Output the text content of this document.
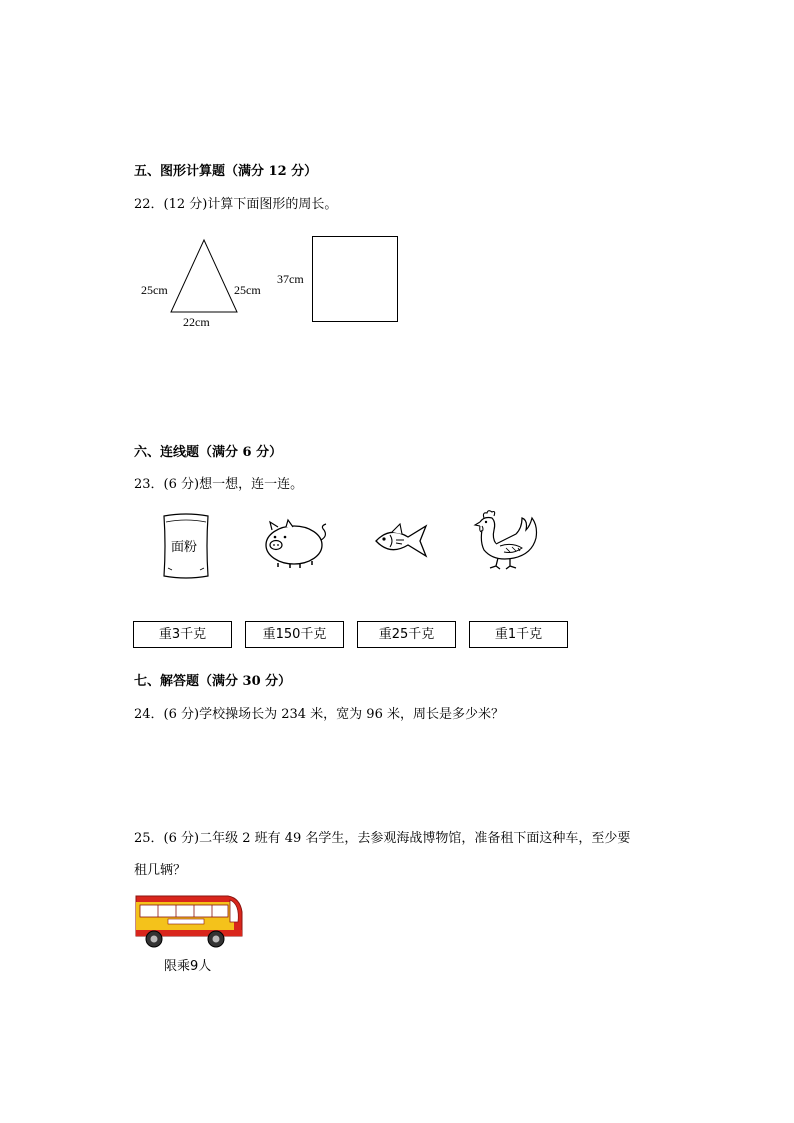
五、图形计算题（满分 12 分）
22．(12 分)计算下面图形的周长。
25cm	25cm
22cm
37cm
六、连线题（满分 6 分）
23．(6 分)想一想，连一连。
面粉
重3千克	重150千克	重25千克	重1千克
七、解答题（满分 30 分）
24．(6 分)学校操场长为 234 米，宽为 96 米，周长是多少米？
25．(6 分)二年级 2 班有 49 名学生，去参观海战博物馆，准备租下面这种车，至少要
租几辆？
限乘9人
